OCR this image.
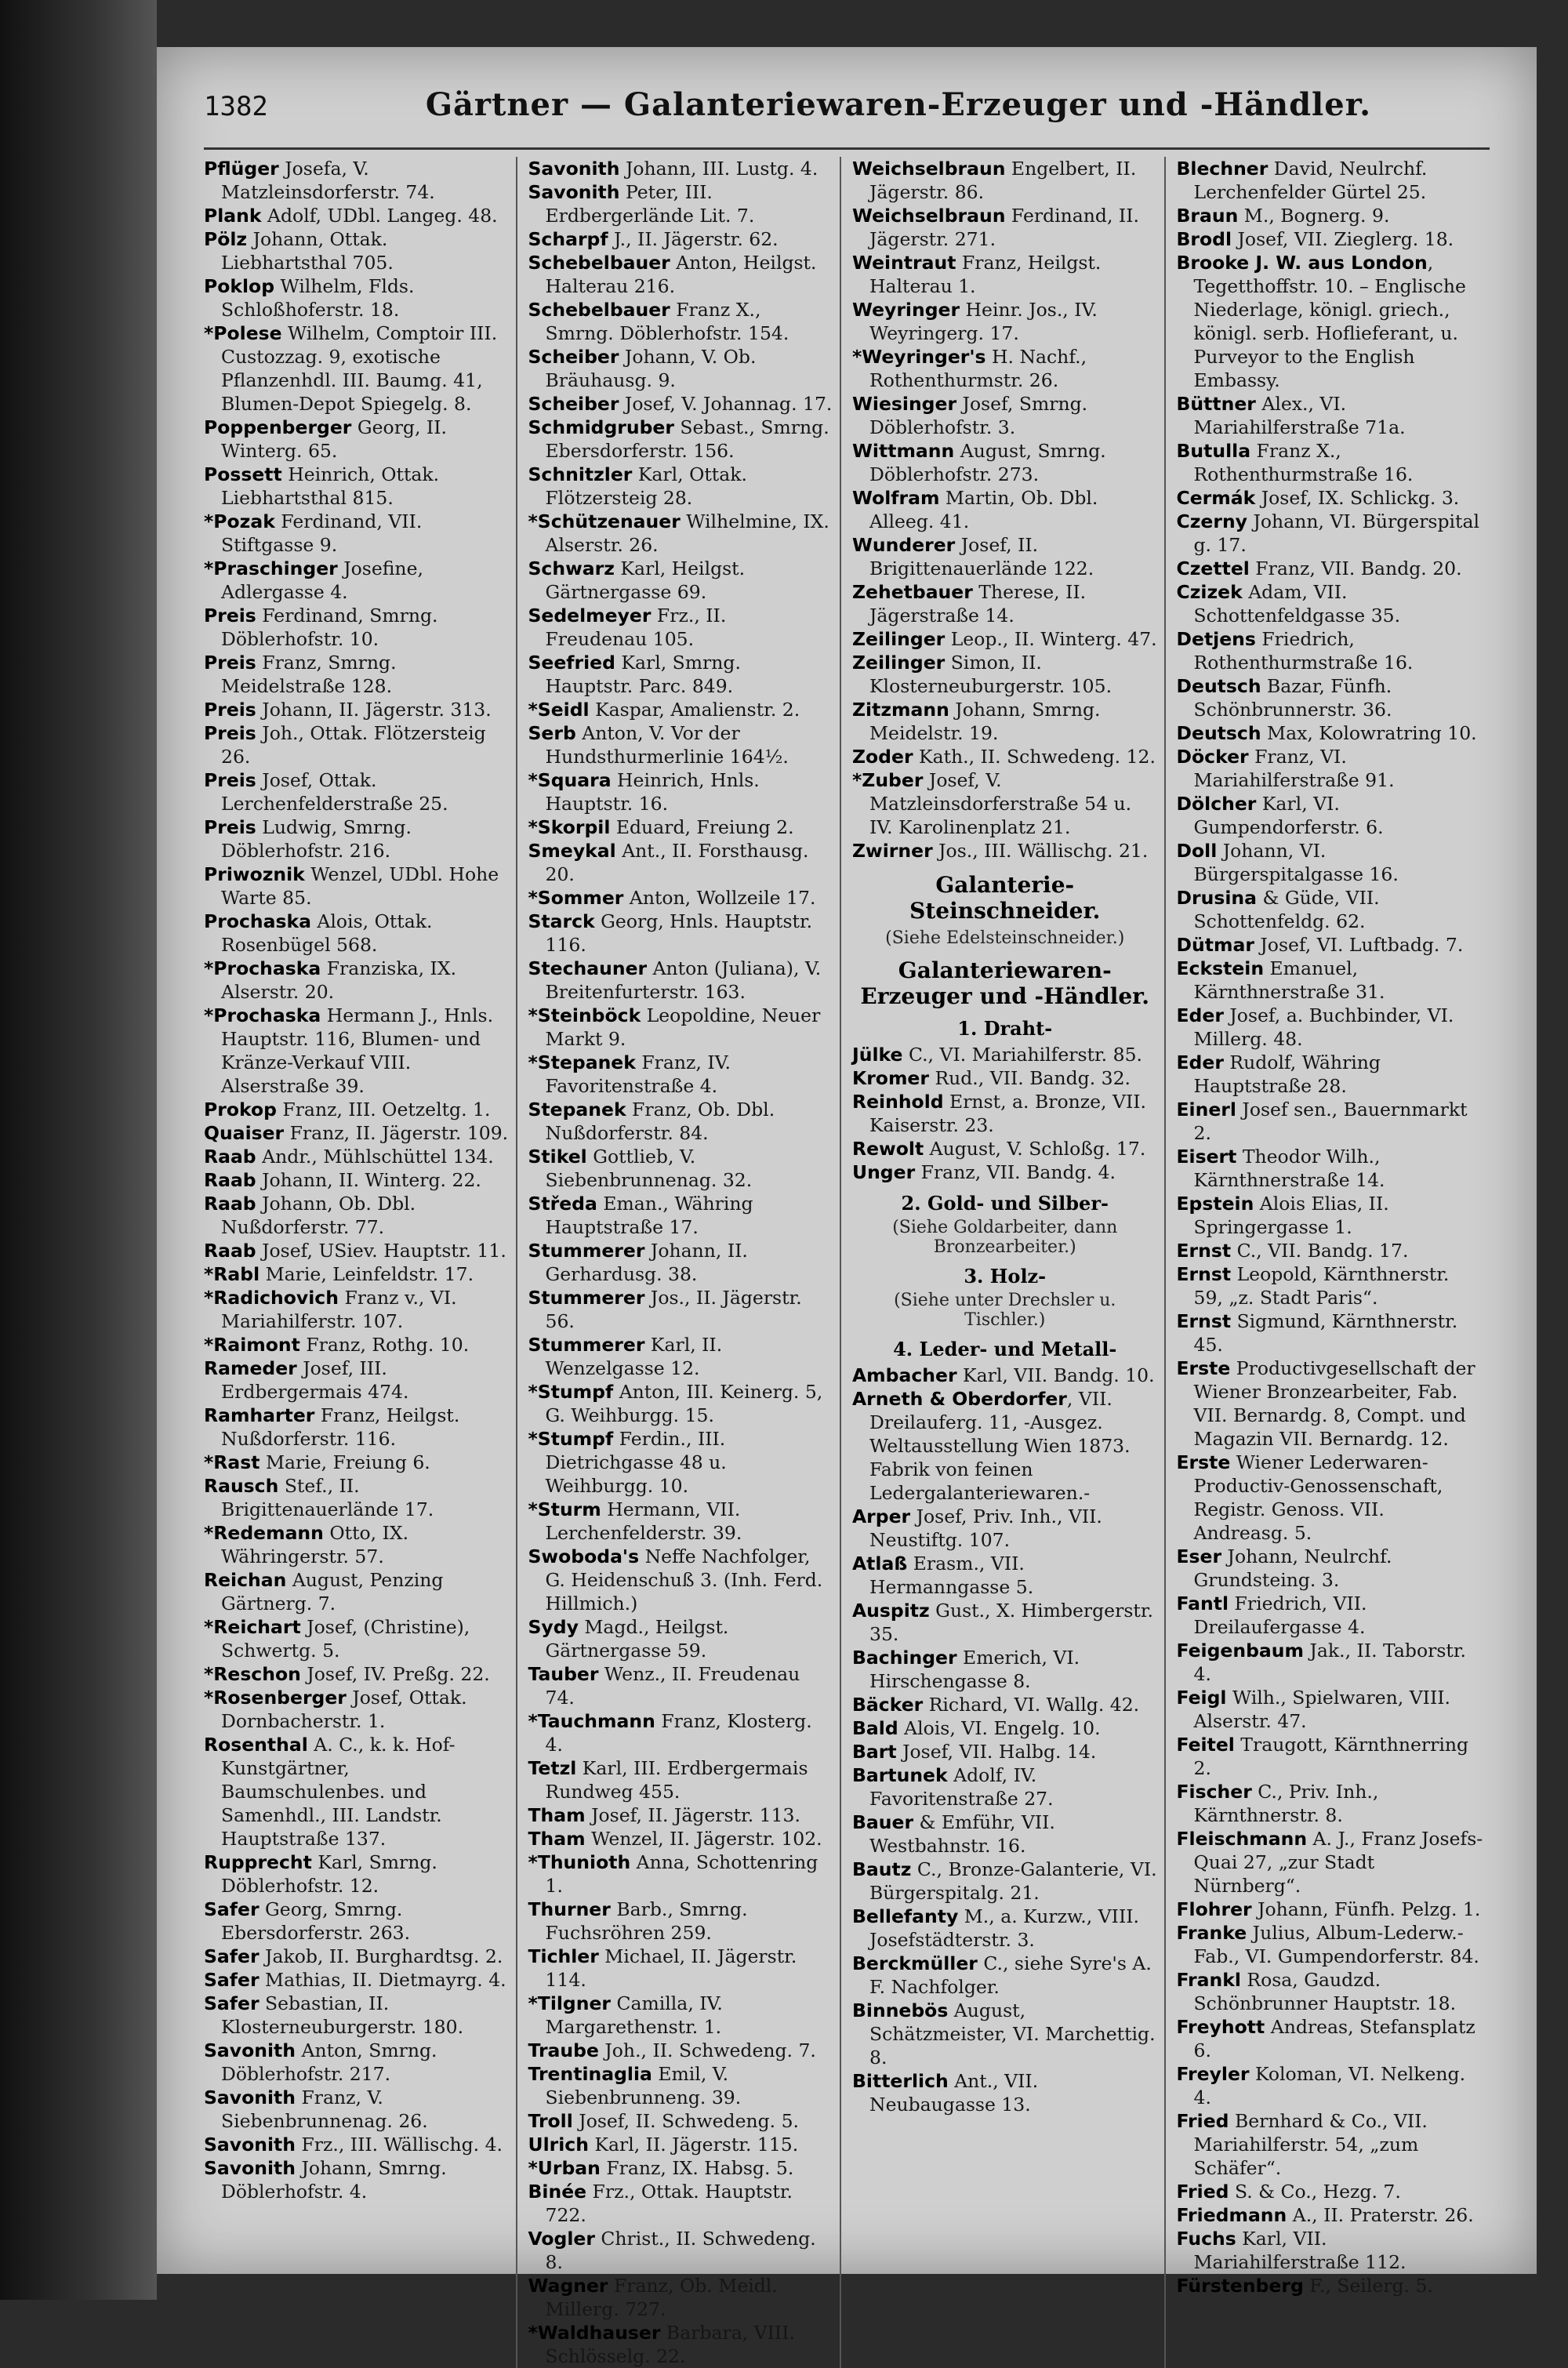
1382	Gärtner — Galanteriewaren-Erzeuger und -Händler.

Pflüger Josefa, V. Matzleinsdorferstr. 74.

Plank Adolf, UDbl. Langeg. 48.

Pölz Johann, Ottak. Liebhartsthal 705.

Poklop Wilhelm, Flds. Schloßhoferstr. 18.

*Polese Wilhelm, Comptoir III. Custozzag. 9, exotische Pflanzenhdl. III. Baumg. 41, Blumen-Depot Spiegelg. 8.

Poppenberger Georg, II. Winterg. 65.

Possett Heinrich, Ottak. Liebhartsthal 815.

*Pozak Ferdinand, VII. Stiftgasse 9.

*Praschinger Josefine, Adlergasse 4.

Preis Ferdinand, Smrng. Döblerhofstr. 10.

Preis Franz, Smrng. Meidelstraße 128.

Preis Johann, II. Jägerstr. 313.

Preis Joh., Ottak. Flötzersteig 26.

Preis Josef, Ottak. Lerchenfelderstraße 25.

Preis Ludwig, Smrng. Döblerhofstr. 216.

Priwoznik Wenzel, UDbl. Hohe Warte 85.

Prochaska Alois, Ottak. Rosenbügel 568.

*Prochaska Franziska, IX. Alserstr. 20.

*Prochaska Hermann J., Hnls. Hauptstr. 116, Blumen- und Kränze-Verkauf VIII. Alserstraße 39.

Prokop Franz, III. Oetzeltg. 1.

Quaiser Franz, II. Jägerstr. 109.

Raab Andr., Mühlschüttel 134.

Raab Johann, II. Winterg. 22.

Raab Johann, Ob. Dbl. Nußdorferstr. 77.

Raab Josef, USiev. Hauptstr. 11.

*Rabl Marie, Leinfeldstr. 17.

*Radichovich Franz v., VI. Mariahilferstr. 107.

*Raimont Franz, Rothg. 10.

Rameder Josef, III. Erdbergermais 474.

Ramharter Franz, Heilgst. Nußdorferstr. 116.

*Rast Marie, Freiung 6.

Rausch Stef., II. Brigittenauerlände 17.

*Redemann Otto, IX. Währingerstr. 57.

Reichan August, Penzing Gärtnerg. 7.

*Reichart Josef, (Christine), Schwertg. 5.

*Reschon Josef, IV. Preßg. 22.

*Rosenberger Josef, Ottak. Dornbacherstr. 1.

Rosenthal A. C., k. k. Hof-Kunstgärtner, Baumschulenbes. und Samenhdl., III. Landstr. Hauptstraße 137.

Rupprecht Karl, Smrng. Döblerhofstr. 12.

Safer Georg, Smrng. Ebersdorferstr. 263.

Safer Jakob, II. Burghardtsg. 2.

Safer Mathias, II. Dietmayrg. 4.

Safer Sebastian, II. Klosterneuburgerstr. 180.

Savonith Anton, Smrng. Döblerhofstr. 217.

Savonith Franz, V. Siebenbrunnenag. 26.

Savonith Frz., III. Wällischg. 4.

Savonith Johann, Smrng. Döblerhofstr. 4.

Savonith Johann, III. Lustg. 4.

Savonith Peter, III. Erdbergerlände Lit. 7.

Scharpf J., II. Jägerstr. 62.

Schebelbauer Anton, Heilgst. Halterau 216.

Schebelbauer Franz X., Smrng. Döblerhofstr. 154.

Scheiber Johann, V. Ob. Bräuhausg. 9.

Scheiber Josef, V. Johannag. 17.

Schmidgruber Sebast., Smrng. Ebersdorferstr. 156.

Schnitzler Karl, Ottak. Flötzersteig 28.

*Schützenauer Wilhelmine, IX. Alserstr. 26.

Schwarz Karl, Heilgst. Gärtnergasse 69.

Sedelmeyer Frz., II. Freudenau 105.

Seefried Karl, Smrng. Hauptstr. Parc. 849.

*Seidl Kaspar, Amalienstr. 2.

Serb Anton, V. Vor der Hundsthurmerlinie 164½.

*Squara Heinrich, Hnls. Hauptstr. 16.

*Skorpil Eduard, Freiung 2.

Smeykal Ant., II. Forsthausg. 20.

*Sommer Anton, Wollzeile 17.

Starck Georg, Hnls. Hauptstr. 116.

Stechauner Anton (Juliana), V. Breitenfurterstr. 163.

*Steinböck Leopoldine, Neuer Markt 9.

*Stepanek Franz, IV. Favoritenstraße 4.

Stepanek Franz, Ob. Dbl. Nußdorferstr. 84.

Stikel Gottlieb, V. Siebenbrunnenag. 32.

Středa Eman., Währing Hauptstraße 17.

Stummerer Johann, II. Gerhardusg. 38.

Stummerer Jos., II. Jägerstr. 56.

Stummerer Karl, II. Wenzelgasse 12.

*Stumpf Anton, III. Keinerg. 5, G. Weihburgg. 15.

*Stumpf Ferdin., III. Dietrichgasse 48 u. Weihburgg. 10.

*Sturm Hermann, VII. Lerchenfelderstr. 39.

Swoboda's Neffe Nachfolger, G. Heidenschuß 3. (Inh. Ferd. Hillmich.)

Sydy Magd., Heilgst. Gärtnergasse 59.

Tauber Wenz., II. Freudenau 74.

*Tauchmann Franz, Klosterg. 4.

Tetzl Karl, III. Erdbergermais Rundweg 455.

Tham Josef, II. Jägerstr. 113.

Tham Wenzel, II. Jägerstr. 102.

*Thunioth Anna, Schottenring 1.

Thurner Barb., Smrng. Fuchsröhren 259.

Tichler Michael, II. Jägerstr. 114.

*Tilgner Camilla, IV. Margarethenstr. 1.

Traube Joh., II. Schwedeng. 7.

Trentinaglia Emil, V. Siebenbrunneng. 39.

Troll Josef, II. Schwedeng. 5.

Ulrich Karl, II. Jägerstr. 115.

*Urban Franz, IX. Habsg. 5.

Binée Frz., Ottak. Hauptstr. 722.

Vogler Christ., II. Schwedeng. 8.

Wagner Franz, Ob. Meidl. Millerg. 727.

*Waldhauser Barbara, VIII. Schlösselg. 22.

Weichselbraun Engelbert, II. Jägerstr. 86.

Weichselbraun Ferdinand, II. Jägerstr. 271.

Weintraut Franz, Heilgst. Halterau 1.

Weyringer Heinr. Jos., IV. Weyringerg. 17.

*Weyringer's H. Nachf., Rothenthurmstr. 26.

Wiesinger Josef, Smrng. Döblerhofstr. 3.

Wittmann August, Smrng. Döblerhofstr. 273.

Wolfram Martin, Ob. Dbl. Alleeg. 41.

Wunderer Josef, II. Brigittenauerlände 122.

Zehetbauer Therese, II. Jägerstraße 14.

Zeilinger Leop., II. Winterg. 47.

Zeilinger Simon, II. Klosterneuburgerstr. 105.

Zitzmann Johann, Smrng. Meidelstr. 19.

Zoder Kath., II. Schwedeng. 12.

*Zuber Josef, V. Matzleinsdorferstraße 54 u. IV. Karolinenplatz 21.

Zwirner Jos., III. Wällischg. 21.

Galanterie-Steinschneider.
(Siehe Edelsteinschneider.)
Galanteriewaren-Erzeuger und -Händler.
1. Draht-

Jülke C., VI. Mariahilferstr. 85.

Kromer Rud., VII. Bandg. 32.

Reinhold Ernst, a. Bronze, VII. Kaiserstr. 23.

Rewolt August, V. Schloßg. 17.

Unger Franz, VII. Bandg. 4.

2. Gold- und Silber-
(Siehe Goldarbeiter, dann Bronzearbeiter.)
3. Holz-
(Siehe unter Drechsler u. Tischler.)
4. Leder- und Metall-

Ambacher Karl, VII. Bandg. 10.

Arneth & Oberdorfer, VII. Dreilauferg. 11, -Ausgez. Weltausstellung Wien 1873. Fabrik von feinen Ledergalanteriewaren.-

Arper Josef, Priv. Inh., VII. Neustiftg. 107.

Atlaß Erasm., VII. Hermanngasse 5.

Auspitz Gust., X. Himbergerstr. 35.

Bachinger Emerich, VI. Hirschengasse 8.

Bäcker Richard, VI. Wallg. 42.

Bald Alois, VI. Engelg. 10.

Bart Josef, VII. Halbg. 14.

Bartunek Adolf, IV. Favoritenstraße 27.

Bauer & Emführ, VII. Westbahnstr. 16.

Bautz C., Bronze-Galanterie, VI. Bürgerspitalg. 21.

Bellefanty M., a. Kurzw., VIII. Josefstädterstr. 3.

Berckmüller C., siehe Syre's A. F. Nachfolger.

Binnebös August, Schätzmeister, VI. Marchettig. 8.

Bitterlich Ant., VII. Neubaugasse 13.

Blechner David, Neulrchf. Lerchenfelder Gürtel 25.

Braun M., Bognerg. 9.

Brodl Josef, VII. Zieglerg. 18.

Brooke J. W. aus London, Tegetthoffstr. 10. – Englische Niederlage, königl. griech., königl. serb. Hoflieferant, u. Purveyor to the English Embassy.

Büttner Alex., VI. Mariahilferstraße 71a.

Butulla Franz X., Rothenthurmstraße 16.

Cermák Josef, IX. Schlickg. 3.

Czerny Johann, VI. Bürgerspital g. 17.

Czettel Franz, VII. Bandg. 20.

Czizek Adam, VII. Schottenfeldgasse 35.

Detjens Friedrich, Rothenthurmstraße 16.

Deutsch Bazar, Fünfh. Schönbrunnerstr. 36.

Deutsch Max, Kolowratring 10.

Döcker Franz, VI. Mariahilferstraße 91.

Dölcher Karl, VI. Gumpendorferstr. 6.

Doll Johann, VI. Bürgerspitalgasse 16.

Drusina & Güde, VII. Schottenfeldg. 62.

Dütmar Josef, VI. Luftbadg. 7.

Eckstein Emanuel, Kärnthnerstraße 31.

Eder Josef, a. Buchbinder, VI. Millerg. 48.

Eder Rudolf, Währing Hauptstraße 28.

Einerl Josef sen., Bauernmarkt 2.

Eisert Theodor Wilh., Kärnthnerstraße 14.

Epstein Alois Elias, II. Springergasse 1.

Ernst C., VII. Bandg. 17.

Ernst Leopold, Kärnthnerstr. 59, „z. Stadt Paris“.

Ernst Sigmund, Kärnthnerstr. 45.

Erste Productivgesellschaft der Wiener Bronzearbeiter, Fab. VII. Bernardg. 8, Compt. und Magazin VII. Bernardg. 12.

Erste Wiener Lederwaren-Productiv-Genossenschaft, Registr. Genoss. VII. Andreasg. 5.

Eser Johann, Neulrchf. Grundsteing. 3.

Fantl Friedrich, VII. Dreilaufergasse 4.

Feigenbaum Jak., II. Taborstr. 4.

Feigl Wilh., Spielwaren, VIII. Alserstr. 47.

Feitel Traugott, Kärnthnerring 2.

Fischer C., Priv. Inh., Kärnthnerstr. 8.

Fleischmann A. J., Franz Josefs-Quai 27, „zur Stadt Nürnberg“.

Flohrer Johann, Fünfh. Pelzg. 1.

Franke Julius, Album-Lederw.-Fab., VI. Gumpendorferstr. 84.

Frankl Rosa, Gaudzd. Schönbrunner Hauptstr. 18.

Freyhott Andreas, Stefansplatz 6.

Freyler Koloman, VI. Nelkeng. 4.

Fried Bernhard & Co., VII. Mariahilferstr. 54, „zum Schäfer“.

Fried S. & Co., Hezg. 7.

Friedmann A., II. Praterstr. 26.

Fuchs Karl, VII. Mariahilferstraße 112.

Fürstenberg F., Seilerg. 5.
